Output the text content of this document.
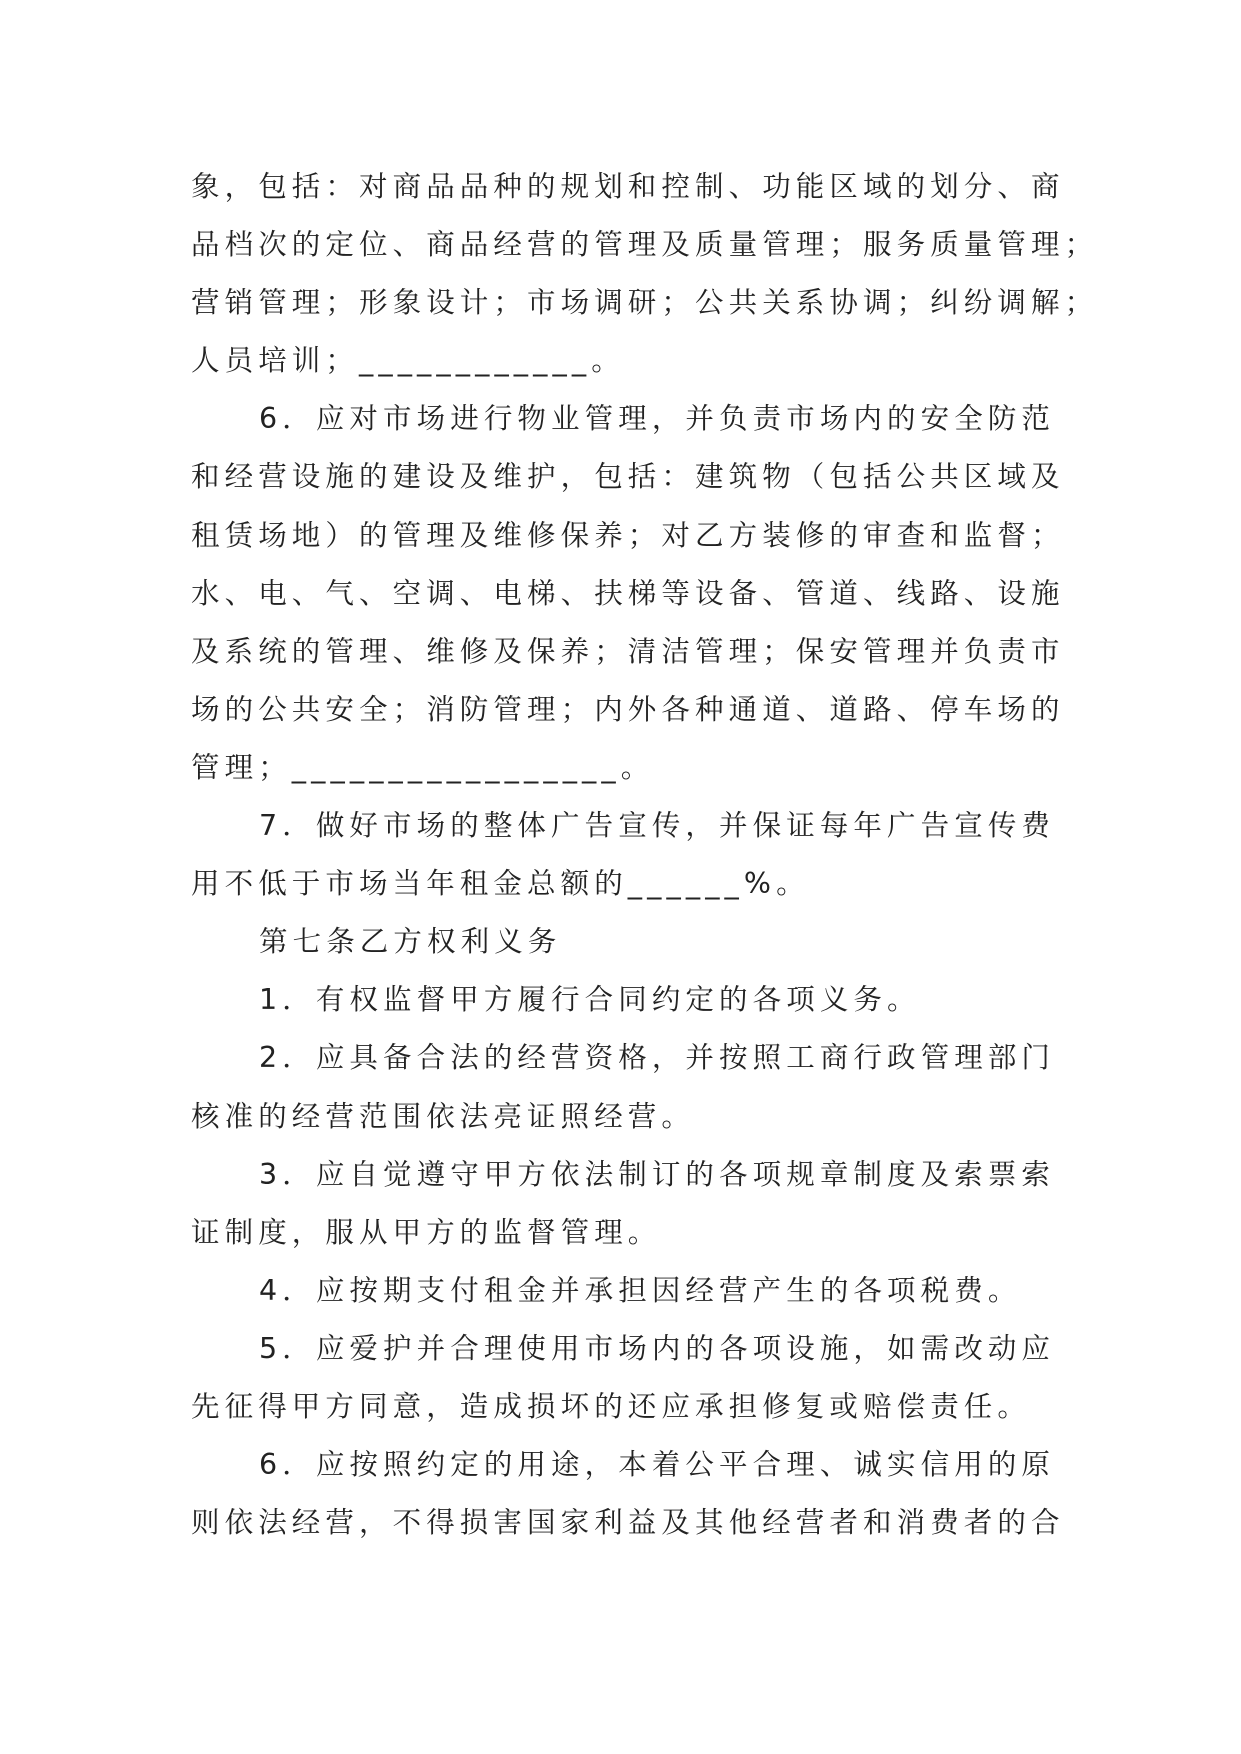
象，包括：对商品品种的规划和控制、功能区域的划分、商
品档次的定位、商品经营的管理及质量管理；服务质量管理；
营销管理；形象设计；市场调研；公共关系协调；纠纷调解；
人员培训；____________。
6．应对市场进行物业管理，并负责市场内的安全防范
和经营设施的建设及维护，包括：建筑物（包括公共区域及
租赁场地）的管理及维修保养；对乙方装修的审查和监督；
水、电、气、空调、电梯、扶梯等设备、管道、线路、设施
及系统的管理、维修及保养；清洁管理；保安管理并负责市
场的公共安全；消防管理；内外各种通道、道路、停车场的
管理；_________________。
7．做好市场的整体广告宣传，并保证每年广告宣传费
用不低于市场当年租金总额的______%。
第七条乙方权利义务
1．有权监督甲方履行合同约定的各项义务。
2．应具备合法的经营资格，并按照工商行政管理部门
核准的经营范围依法亮证照经营。
3．应自觉遵守甲方依法制订的各项规章制度及索票索
证制度，服从甲方的监督管理。
4．应按期支付租金并承担因经营产生的各项税费。
5．应爱护并合理使用市场内的各项设施，如需改动应
先征得甲方同意，造成损坏的还应承担修复或赔偿责任。
6．应按照约定的用途，本着公平合理、诚实信用的原
则依法经营，不得损害国家利益及其他经营者和消费者的合
